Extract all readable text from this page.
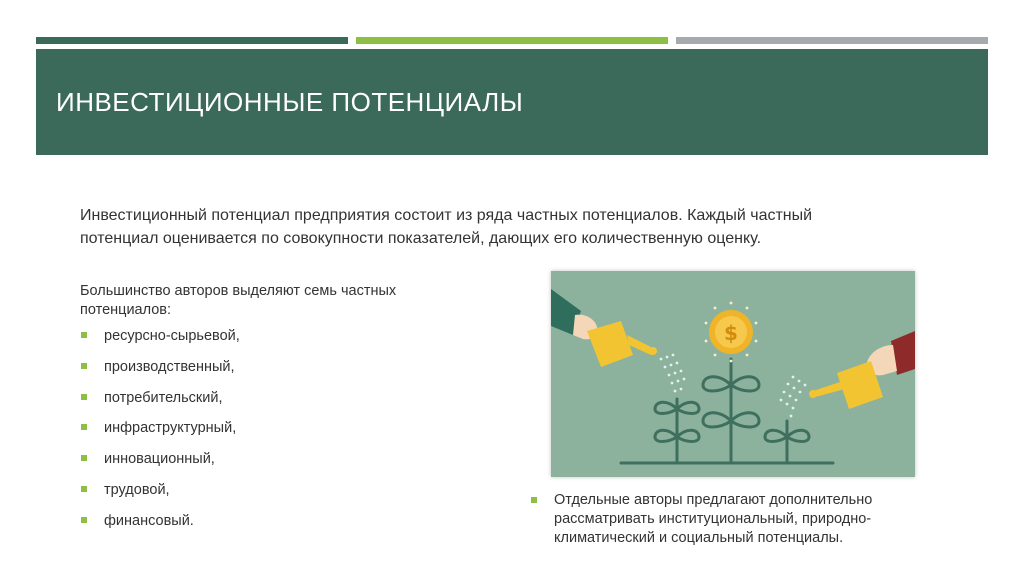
ИНВЕСТИЦИОННЫЕ ПОТЕНЦИАЛЫ

Инвестиционный потенциал предприятия состоит из ряда частных потенциалов. Каждый частный
потенциал оценивается по совокупности показателей, дающих его количественную оценку.

Большинство авторов выделяют семь частных
потенциалов:

ресурсно-сырьевой,
производственный,
потребительский,
инфраструктурный,
инновационный,
трудовой,
финансовый.
$

Отдельные авторы предлагают дополнительно
рассматривать институциональный, природно-
климатический и социальный потенциалы.
